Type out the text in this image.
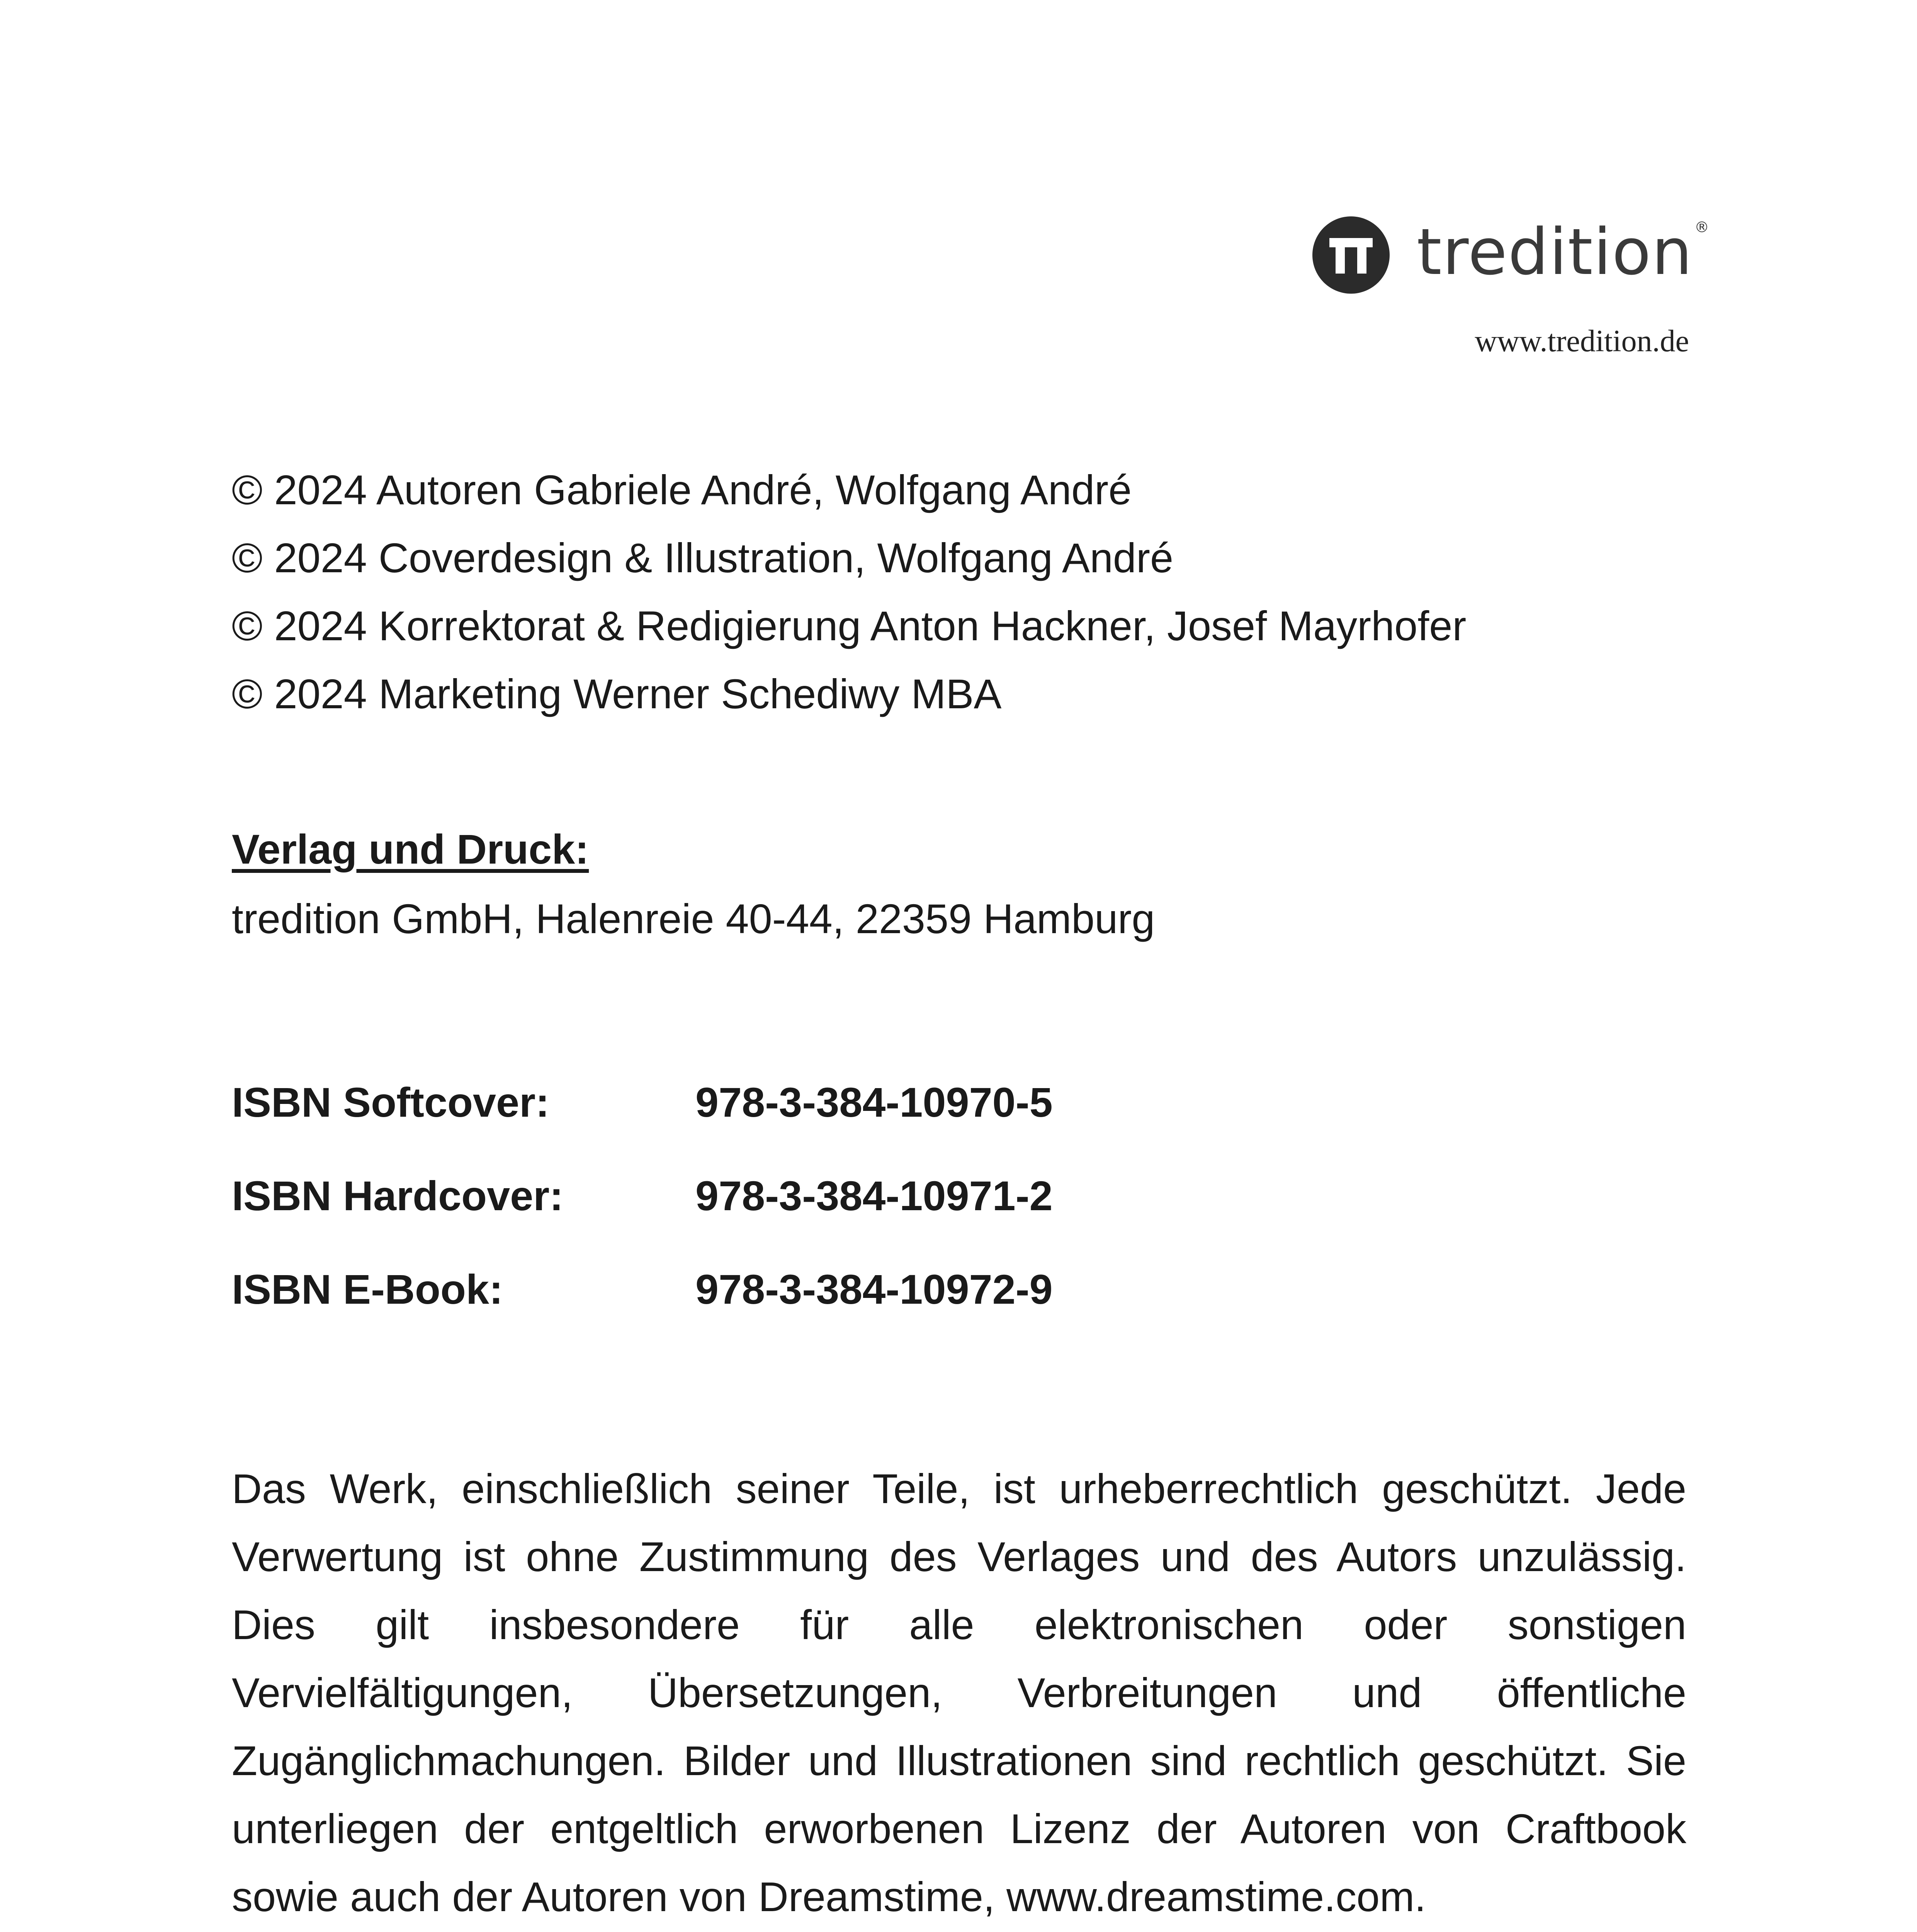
tredition ®
www.tredition.de
© 2024 Autoren Gabriele André, Wolfgang André
© 2024 Coverdesign & Illustration, Wolfgang André
© 2024 Korrektorat & Redigierung Anton Hackner, Josef Mayrhofer
© 2024 Marketing Werner Schediwy MBA
Verlag und Druck:
tredition GmbH, Halenreie 40-44, 22359 Hamburg
ISBN Softcover:	978-3-384-10970-5
ISBN Hardcover:	978-3-384-10971-2
ISBN E-Book:	978-3-384-10972-9
Das Werk, einschließlich seiner Teile, ist urheberrechtlich geschützt. Jede Verwertung ist ohne Zustimmung des Verlages und des Autors unzulässig. Dies gilt insbesondere für alle elektronischen oder sonstigen Vervielfältigungen, Übersetzungen, Verbreitungen und öffentliche Zugänglichmachungen. Bilder und Illustrationen sind rechtlich geschützt. Sie unterliegen der entgeltlich erworbenen Lizenz der Autoren von Craftbook sowie auch der Autoren von Dreamstime, www.dreamstime.com.
